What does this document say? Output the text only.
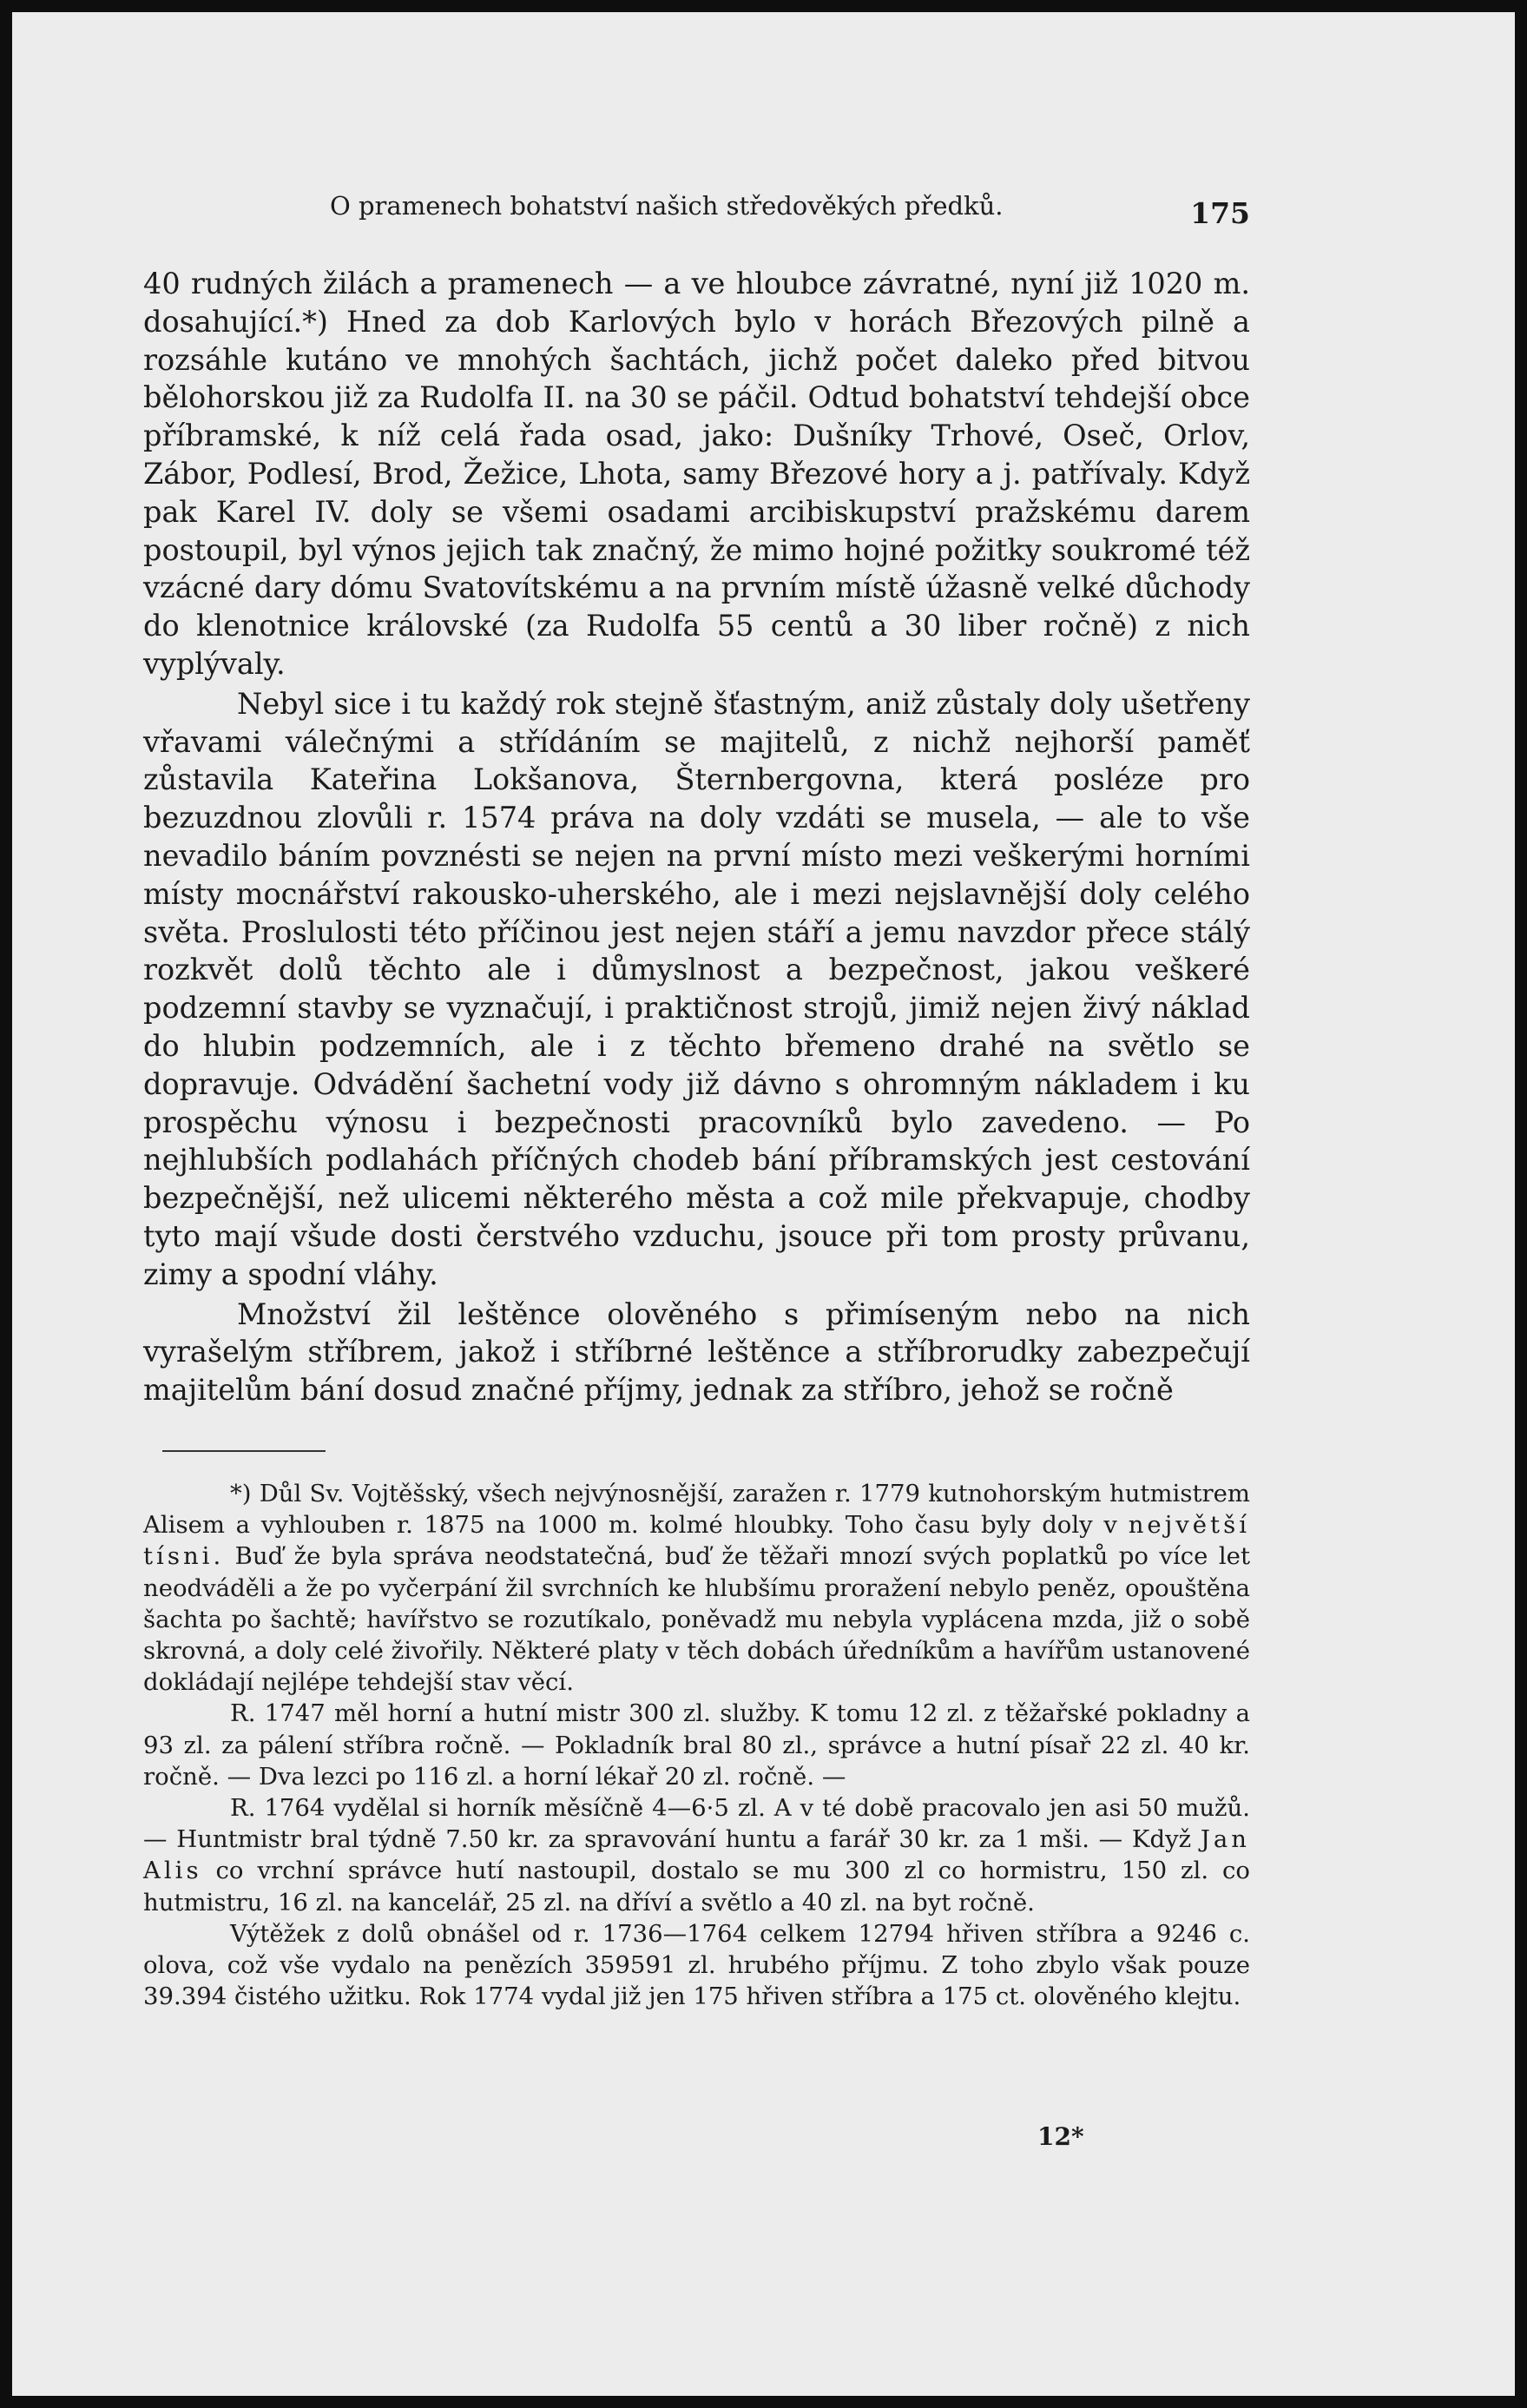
O pramenech bohatství našich středověkých předků.	175

40 rudných žilách a pramenech — a ve hloubce závratné, nyní již 1020 m. dosahující.*) Hned za dob Karlových bylo v horách Březových pilně a rozsáhle kutáno ve mnohých šachtách, jichž počet daleko před bitvou bělohorskou již za Rudolfa II. na 30 se páčil. Odtud bohatství tehdejší obce příbramské, k níž celá řada osad, jako: Dušníky Trhové, Oseč, Orlov, Zábor, Podlesí, Brod, Žežice, Lhota, samy Březové hory a j. patřívaly. Když pak Karel IV. doly se všemi osadami arcibiskupství pražskému darem postoupil, byl výnos jejich tak značný, že mimo hojné požitky soukromé též vzácné dary dómu Svatovítskému a na prvním místě úžasně velké důchody do klenotnice královské (za Rudolfa 55 centů a 30 liber ročně) z nich vyplývaly.

Nebyl sice i tu každý rok stejně šťastným, aniž zůstaly doly ušetřeny vřavami válečnými a střídáním se majitelů, z nichž nejhorší paměť zůstavila Kateřina Lokšanova, Šternbergovna, která posléze pro bezuzdnou zlovůli r. 1574 práva na doly vzdáti se musela, — ale to vše nevadilo báním povznésti se nejen na první místo mezi veškerými horními místy mocnářství rakousko-uherského, ale i mezi nejslavnější doly celého světa. Proslulosti této příčinou jest nejen stáří a jemu navzdor přece stálý rozkvět dolů těchto ale i důmyslnost a bezpečnost, jakou veškeré podzemní stavby se vyznačují, i praktičnost strojů, jimiž nejen živý náklad do hlubin podzemních, ale i z těchto břemeno drahé na světlo se dopravuje. Odvádění šachetní vody již dávno s ohromným nákladem i ku prospěchu výnosu i bezpečnosti pracovníků bylo zavedeno. — Po nejhlubších podlahách příčných chodeb bání příbramských jest cestování bezpečnější, než ulicemi některého města a což mile překvapuje, chodby tyto mají všude dosti čerstvého vzduchu, jsouce při tom prosty průvanu, zimy a spodní vláhy.

Množství žil leštěnce olověného s přimíseným nebo na nich vyrašelým stříbrem, jakož i stříbrné leštěnce a stříbrorudky zabezpečují majitelům bání dosud značné příjmy, jednak za stříbro, jehož se ročně

*) Důl Sv. Vojtěšský, všech nejvýnosnější, zaražen r. 1779 kutnohorským hutmistrem Alisem a vyhlouben r. 1875 na 1000 m. kolmé hloubky. Toho času byly doly v největší tísni. Buď že byla správa neodstatečná, buď že těžaři mnozí svých poplatků po více let neodváděli a že po vyčerpání žil svrchních ke hlubšímu proražení nebylo peněz, opouštěna šachta po šachtě; havířstvo se rozutíkalo, poněvadž mu nebyla vyplácena mzda, již o sobě skrovná, a doly celé živořily. Některé platy v těch dobách úředníkům a havířům ustanovené dokládají nejlépe tehdejší stav věcí.

R. 1747 měl horní a hutní mistr 300 zl. služby. K tomu 12 zl. z těžařské pokladny a 93 zl. za pálení stříbra ročně. — Pokladník bral 80 zl., správce a hutní písař 22 zl. 40 kr. ročně. — Dva lezci po 116 zl. a horní lékař 20 zl. ročně. —

R. 1764 vydělal si horník měsíčně 4—6·5 zl. A v té době pracovalo jen asi 50 mužů. — Huntmistr bral týdně 7.50 kr. za spravování huntu a farář 30 kr. za 1 mši. — Když Jan Alis co vrchní správce hutí nastoupil, dostalo se mu 300 zl co hormistru, 150 zl. co hutmistru, 16 zl. na kancelář, 25 zl. na dříví a světlo a 40 zl. na byt ročně.

Výtěžek z dolů obnášel od r. 1736—1764 celkem 12794 hřiven stříbra a 9246 c. olova, což vše vydalo na penězích 359591 zl. hrubého příjmu. Z toho zbylo však pouze 39.394 čistého užitku. Rok 1774 vydal již jen 175 hřiven stříbra a 175 ct. olověného klejtu.

12*
